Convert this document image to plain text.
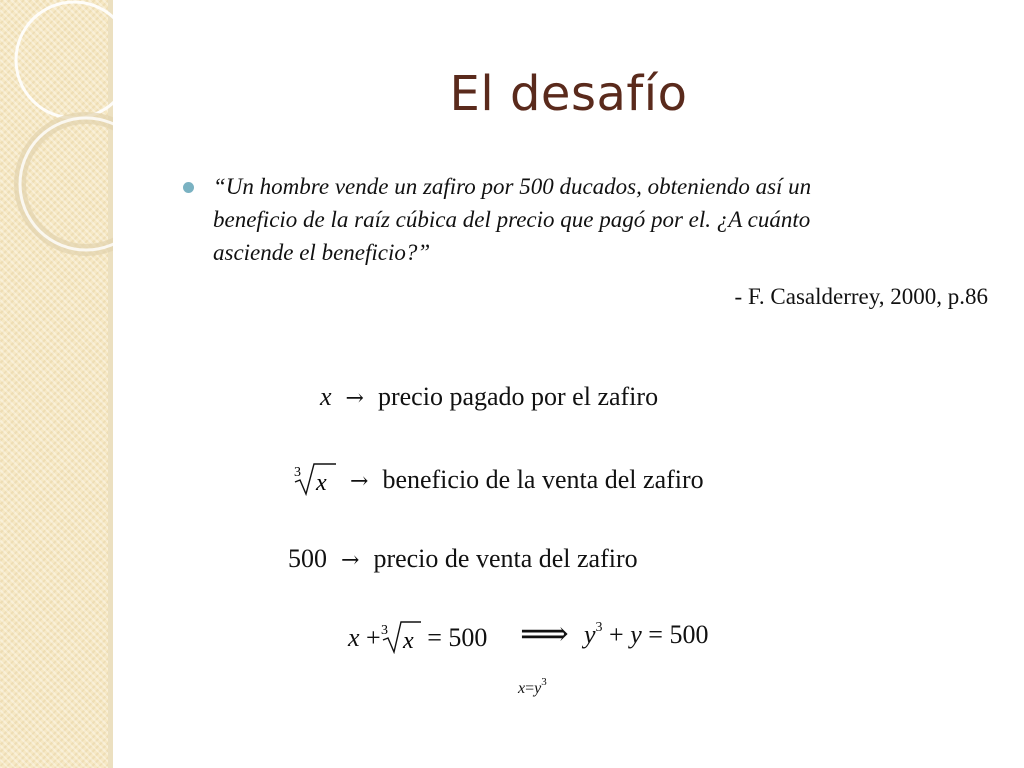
El desafío
“Un hombre vende un zafiro por 500 ducados, obteniendo así un
beneficio de la raíz cúbica del precio que pagó por el. ¿A cuánto
asciende el beneficio?”
- F. Casalderrey, 2000, p.86
x → precio pagado por el zafiro
3 x → beneficio de la venta del zafiro
500 → precio de venta del zafiro
x + 3 x = 500 ⟹ $y^3 + y = 500$
$x=y^3$
